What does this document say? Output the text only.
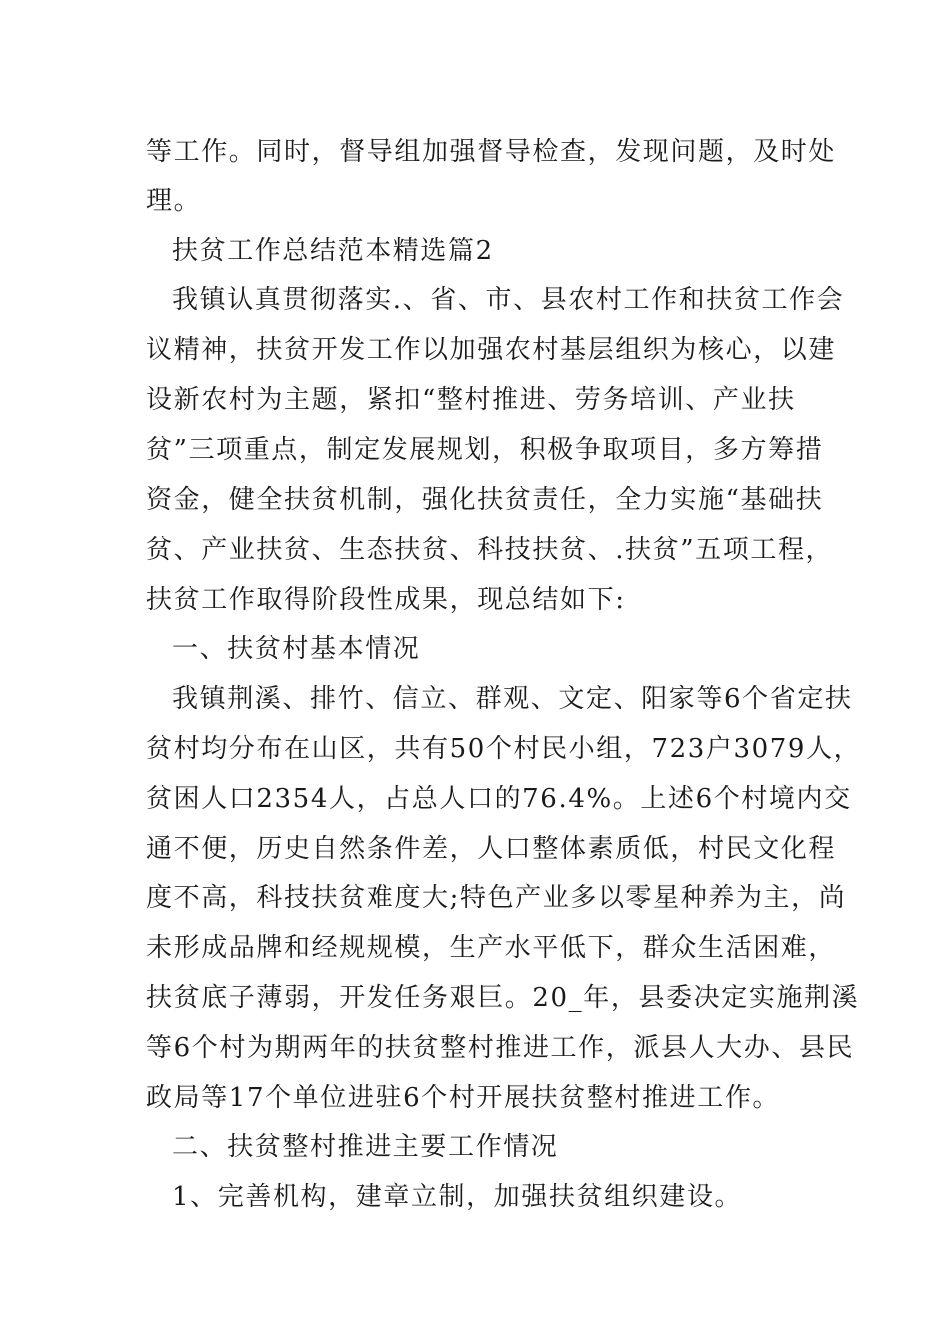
等工作。同时，督导组加强督导检查，发现问题，及时处
理。
扶贫工作总结范本精选篇2
我镇认真贯彻落实.、省、市、县农村工作和扶贫工作会
议精神，扶贫开发工作以加强农村基层组织为核心，以建
设新农村为主题，紧扣“整村推进、劳务培训、产业扶
贫”三项重点，制定发展规划，积极争取项目，多方筹措
资金，健全扶贫机制，强化扶贫责任，全力实施“基础扶
贫、产业扶贫、生态扶贫、科技扶贫、.扶贫”五项工程，
扶贫工作取得阶段性成果，现总结如下:
一、扶贫村基本情况
我镇荆溪、排竹、信立、群观、文定、阳家等6个省定扶
贫村均分布在山区，共有50个村民小组，723户3079人，
贫困人口2354人，占总人口的76.4%。上述6个村境内交
通不便，历史自然条件差，人口整体素质低，村民文化程
度不高，科技扶贫难度大;特色产业多以零星种养为主，尚
未形成品牌和经规规模，生产水平低下，群众生活困难，
扶贫底子薄弱，开发任务艰巨。20_年，县委决定实施荆溪
等6个村为期两年的扶贫整村推进工作，派县人大办、县民
政局等17个单位进驻6个村开展扶贫整村推进工作。
二、扶贫整村推进主要工作情况
1、完善机构，建章立制，加强扶贫组织建设。
